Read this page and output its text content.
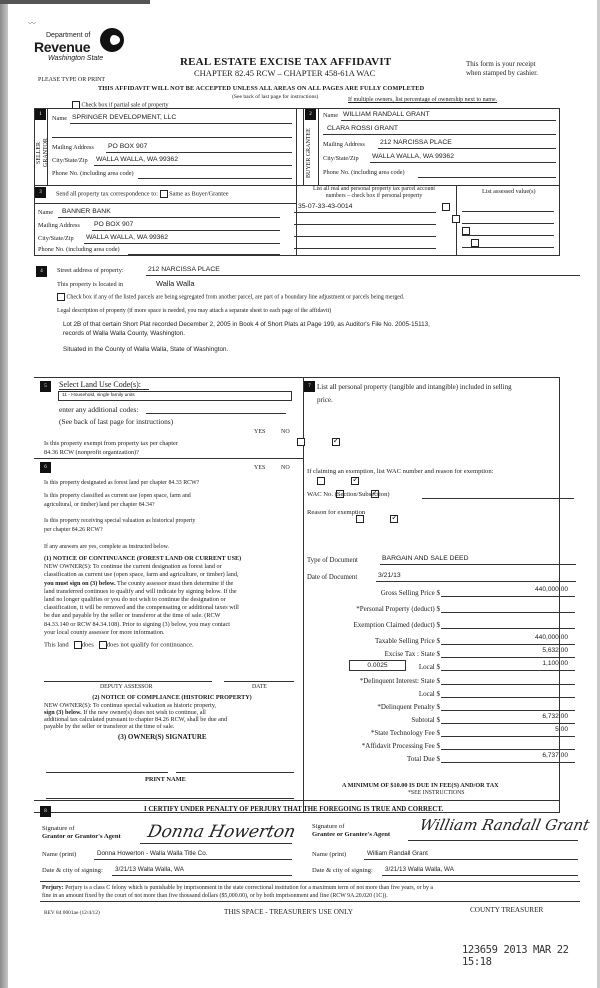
〰
Department of
Revenue
Washington State	REAL ESTATE EXCISE TAX AFFIDAVIT
CHAPTER 82.45 RCW – CHAPTER 458-61A WAC
PLEASE TYPE OR PRINT
This form is your receipt
when stamped by cashier.
THIS AFFIDAVIT WILL NOT BE ACCEPTED UNLESS ALL AREAS ON ALL PAGES ARE FULLY COMPLETED
(See back of last page for instructions)
Check box if partial sale of property
If multiple owners, list percentage of ownership next to name.
1
SELLER GRANTOR
Name SPRINGER DEVELOPMENT, LLC
Mailing Address PO BOX 907
City/State/Zip WALLA WALLA, WA 99362
Phone No. (including area code)
2
BUYER GRANTEE
Name WILLIAM RANDALL GRANT
CLARA ROSSI GRANT
Mailing Address 212 NARCISSA PLACE
City/State/Zip WALLA WALLA, WA 99362
Phone No. (including area code)
3	Send all property tax correspondence to: Same as Buyer/Grantee
Name BANNER BANK
Mailing Address PO BOX 907
City/State/Zip WALLA WALLA, WA 99362
Phone No. (including area code)
List all real and personal property tax parcel account
numbers – check box if personal property
List assessed value(s)
35-07-33-43-0014

4	Street address of property:	212 NARCISSA PLACE
This property is located in	Walla Walla
Check box if any of the listed parcels are being segregated from another parcel, are part of a boundary line adjustment or parcels being merged.
Legal description of property (if more space is needed, you may attach a separate sheet to each page of the affidavit)
Lot 2B of that certain Short Plat recorded December 2, 2005 in Book 4 of Short Plats at Page 199, as Auditor's File No. 2005-15113,
records of Walla Walla County, Washington.
Situated in the County of Walla Walla, State of Washington.
5	Select Land Use Code(s):
11 - Household, single family units
enter any additional codes:
(See back of last page for instructions)
YES	NO
Is this property exempt from property tax per chapter
84.36 RCW (nonprofit organization)?
✓
6	YES	NO
Is this property designated as forest land per chapter 84.33 RCW?
✓
Is this property classified as current use (open space, farm and
agricultural, or timber) land per chapter 84.34?
✓
Is this property receiving special valuation as historical property
per chapter 84.26 RCW?
✓
If any answers are yes, complete as instructed below.
(1) NOTICE OF CONTINUANCE (FOREST LAND OR CURRENT USE)
NEW OWNER(S): To continue the current designation as forest land or
classification as current use (open space, farm and agriculture, or timber) land,
you must sign on (3) below. The county assessor must then determine if the
land transferred continues to qualify and will indicate by signing below. If the
land no longer qualifies or you do not wish to continue the designation or
classification, it will be removed and the compensating or additional taxes will
be due and payable by the seller or transferor at the time of sale. (RCW
84.33.140 or RCW 84.34.108). Prior to signing (3) below, you may contact
your local county assessor for more information.
This land does does not qualify for continuance.
DEPUTY ASSESSOR	DATE
(2) NOTICE OF COMPLIANCE (HISTORIC PROPERTY)
NEW OWNER(S): To continue special valuation as historic property,
sign (3) below. If the new owner(s) does not wish to continue, all
additional tax calculated pursuant to chapter 84.26 RCW, shall be due and
payable by the seller or transferor at the time of sale.
(3) OWNER(S) SIGNATURE
PRINT NAME
7 List all personal property (tangible and intangible) included in selling
price.
If claiming an exemption, list WAC number and reason for exemption:
WAC No. (Section/Subsection)
Reason for exemption
Type of Document	BARGAIN AND SALE DEED
Date of Document	3/21/13
Gross Selling Price $	440,000.00
*Personal Property (deduct) $
Exemption Claimed (deduct) $
Taxable Selling Price $	440,000.00
Excise Tax : State $	5,632.00
0.0025	Local $	1,100.00
*Delinquent Interest: State $
Local $
*Delinquent Penalty $
Subtotal $	6,732.00
*State Technology Fee $	5.00
*Affidavit Processing Fee $
Total Due $	6,737.00
A MINIMUM OF $10.00 IS DUE IN FEE(S) AND/OR TAX
*SEE INSTRUCTIONS
8	I CERTIFY UNDER PENALTY OF PERJURY THAT THE FOREGOING IS TRUE AND CORRECT.
Signature of
Grantor or Grantor's Agent Donna Howerton
Name (print)	Donna Howerton - Walla Walla Title Co.
Date & city of signing: 3/21/13 Walla Walla, WA
Signature of
Grantee or Grantee's Agent
William Randall Grant
Name (print)	William Randall Grant
Date & city of signing: 3/21/13 Walla Walla, WA
Perjury: Perjury is a class C felony which is punishable by imprisonment in the state correctional institution for a maximum term of not more than five years, or by a
fine in an amount fixed by the court of not more than five thousand dollars ($5,000.00), or by both imprisonment and fine (RCW 9A.20.020 (1C)).
REV 84 0001ae (12/4/12)	THIS SPACE - TREASURER'S USE ONLY	COUNTY TREASURER
123659 2013 MAR 22 15:18
